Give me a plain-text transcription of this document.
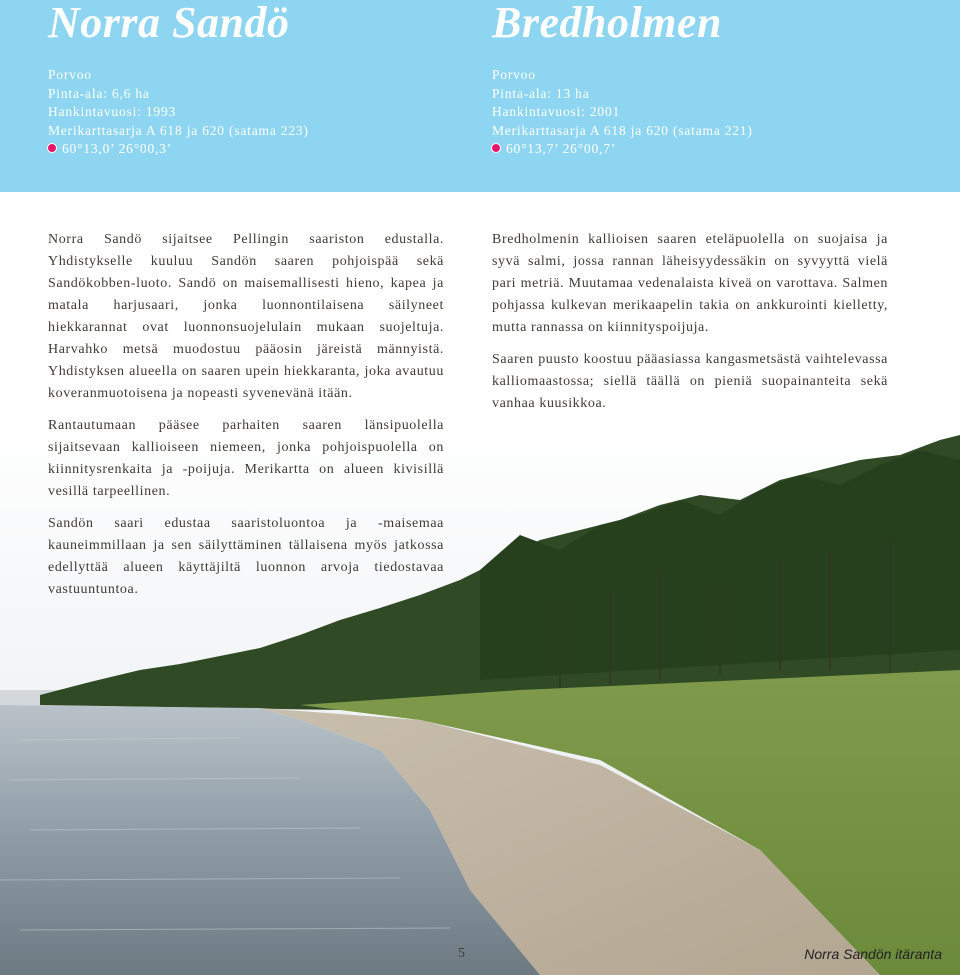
Norra Sandö
Porvoo
Pinta-ala: 6,6 ha
Hankintavuosi: 1993
Merikarttasarja A 618 ja 620 (satama 223)
60°13,0’ 26°00,3’
Bredholmen
Porvoo
Pinta-ala: 13 ha
Hankintavuosi: 2001
Merikarttasarja A 618 ja 620 (satama 221)
60°13,7’ 26°00,7’

Norra Sandö sijaitsee Pellingin saariston edustalla. Yhdistykselle kuuluu Sandön saaren pohjoispää sekä Sandökobben-luoto. Sandö on maisemallisesti hieno, kapea ja matala harjusaari, jonka luonnontilaisena säilyneet hiekkarannat ovat luonnonsuojelulain mukaan suojeltuja. Harvahko metsä muodostuu pääosin järeistä männyistä. Yhdistyksen alueella on saaren upein hiekkaranta, joka avautuu koveranmuotoisena ja nopeasti syvenevänä itään.

Rantautumaan pääsee parhaiten saaren länsipuolella sijaitsevaan kallioiseen niemeen, jonka pohjoispuolella on kiinnitysrenkaita ja -poijuja. Merikartta on alueen kivisillä vesillä tarpeellinen.

Sandön saari edustaa saaristoluontoa ja -maisemaa kauneimmillaan ja sen säilyttäminen tällaisena myös jatkossa edellyttää alueen käyttäjiltä luonnon arvoja tiedostavaa vastuuntuntoa.

Bredholmenin kallioisen saaren eteläpuolella on suojaisa ja syvä salmi, jossa rannan läheisyydessäkin on syvyyttä vielä pari metriä. Muutamaa vedenalaista kiveä on varottava. Salmen pohjassa kulkevan merikaapelin takia on ankkurointi kielletty, mutta rannassa on kiinnityspoijuja.

Saaren puusto koostuu pääasiassa kangasmetsästä vaihtelevassa kalliomaastossa; siellä täällä on pieniä suopainanteita sekä vanhaa kuusikkoa.

5	Norra Sandön itäranta
